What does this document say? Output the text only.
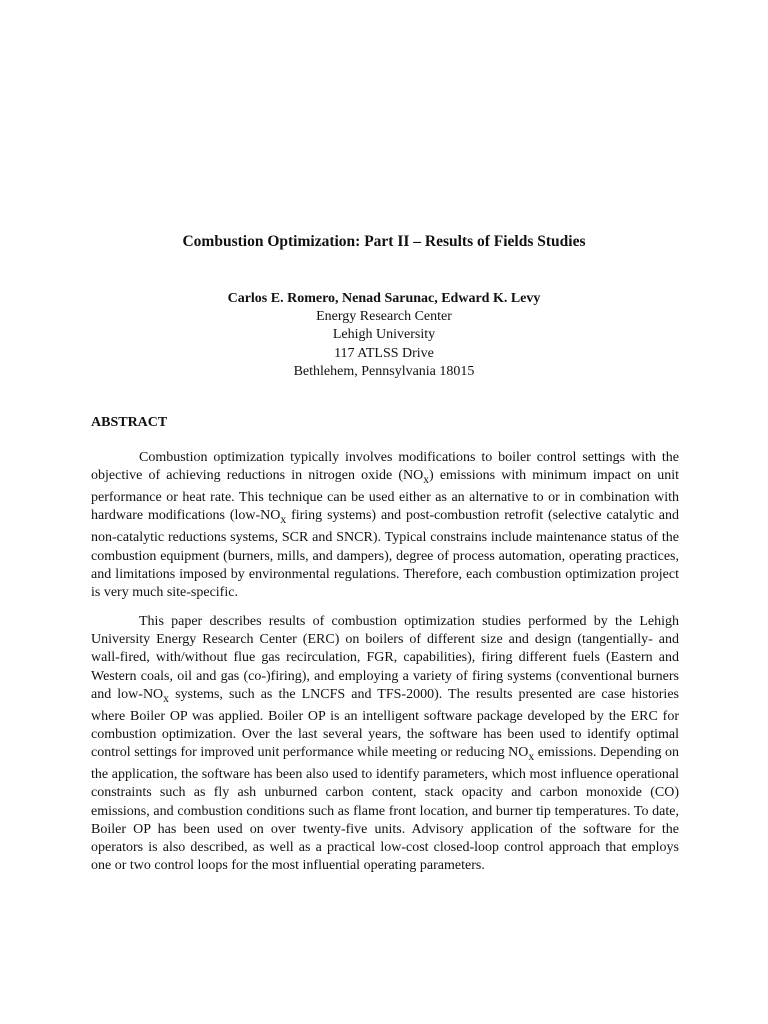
Combustion Optimization: Part II – Results of Fields Studies
Carlos E. Romero, Nenad Sarunac, Edward K. Levy
Energy Research Center
Lehigh University
117 ATLSS Drive
Bethlehem, Pennsylvania 18015
ABSTRACT

Combustion optimization typically involves modifications to boiler control settings with the objective of achieving reductions in nitrogen oxide $(NO_x)$ emissions with minimum impact on unit performance or heat rate. This technique can be used either as an alternative to or in combination with hardware modifications ($low-NO_x$ firing systems) and post-combustion retrofit (selective catalytic and non-catalytic reductions systems, SCR and SNCR). Typical constrains include maintenance status of the combustion equipment (burners, mills, and dampers), degree of process automation, operating practices, and limitations imposed by environmental regulations. Therefore, each combustion optimization project is very much site-specific.

This paper describes results of combustion optimization studies performed by the Lehigh University Energy Research Center (ERC) on boilers of different size and design (tangentially- and wall-fired, with/without flue gas recirculation, FGR, capabilities), firing different fuels (Eastern and Western coals, oil and gas (co-)firing), and employing a variety of firing systems (conventional burners and low-$NO_x$ systems, such as the LNCFS and TFS-2000). The results presented are case histories where Boiler OP was applied. Boiler OP is an intelligent software package developed by the ERC for combustion optimization. Over the last several years, the software has been used to identify optimal control settings for improved unit performance while meeting or reducing $NO_x$ emissions. Depending on the application, the software has been also used to identify parameters, which most influence operational constraints such as fly ash unburned carbon content, stack opacity and carbon monoxide (CO) emissions, and combustion conditions such as flame front location, and burner tip temperatures. To date, Boiler OP has been used on over twenty-five units. Advisory application of the software for the operators is also described, as well as a practical low-cost closed-loop control approach that employs one or two control loops for the most influential operating parameters.
